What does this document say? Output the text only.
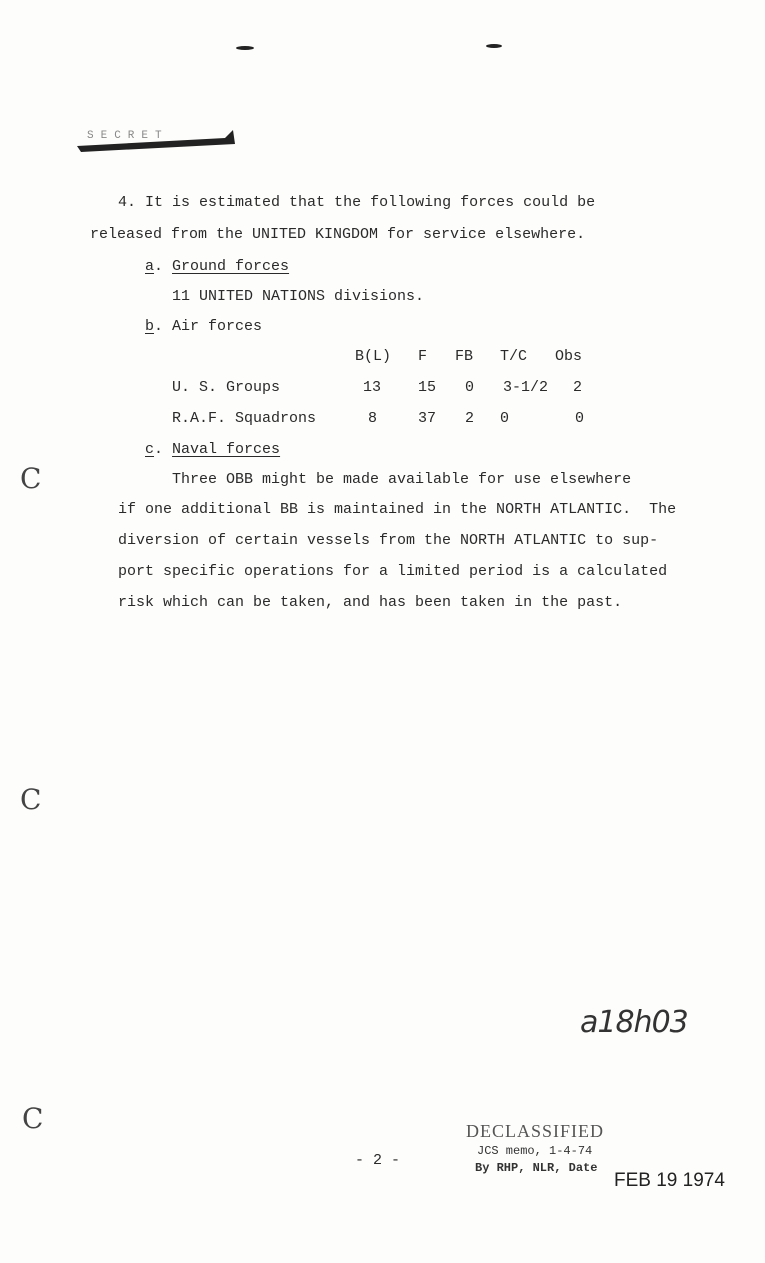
C
C
C
SECRET
4. It is estimated that the following forces could be
released from the UNITED KINGDOM for service elsewhere.
a. Ground forces
11 UNITED NATIONS divisions.
b. Air forces
B(L) F FB T/C Obs
U. S. Groups	13 15 0 3-1/2 2
R.A.F. Squadrons	8	37 2 0	0
c. Naval forces
Three OBB might be made available for use elsewhere
if one additional BB is maintained in the NORTH ATLANTIC.  The
diversion of certain vessels from the NORTH ATLANTIC to sup-
port specific operations for a limited period is a calculated
risk which can be taken, and has been taken in the past.
a18h03
- 2 -
DECLASSIFIED
JCS memo, 1-4-74
By RHP, NLR, Date
FEB 19 1974
